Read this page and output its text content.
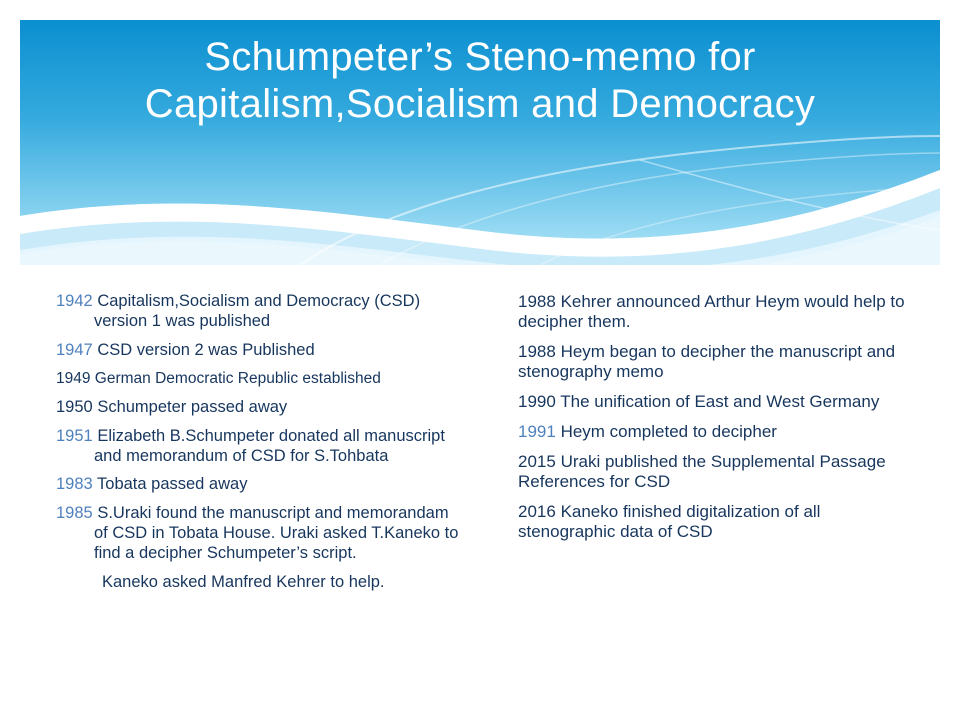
Schumpeter’s Steno-memo for Capitalism,Socialism and Democracy
1942 Capitalism,Socialism and Democracy (CSD) version 1 was published
1947 CSD version 2 was Published
1949 German Democratic Republic established
1950 Schumpeter passed away
1951 Elizabeth B.Schumpeter donated all manuscript and memorandum of CSD for S.Tohbata
1983 Tobata passed away
1985 S.Uraki found the manuscript and memorandam of CSD in Tobata House. Uraki asked T.Kaneko to find a decipher Schumpeter’s script.
Kaneko asked Manfred Kehrer to help.
1988 Kehrer announced Arthur Heym would help to decipher them.
1988 Heym began to decipher the manuscript and stenography memo
1990 The unification of East and West Germany
1991 Heym completed to decipher
2015 Uraki published the Supplemental Passage References for CSD
2016 Kaneko finished digitalization of all stenographic data of CSD
